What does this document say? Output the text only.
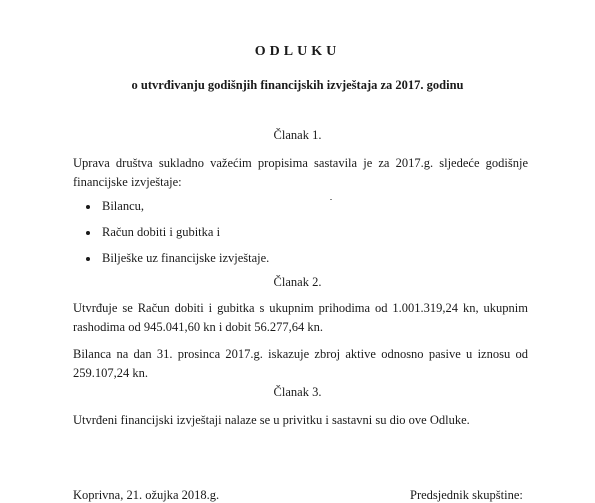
ODLUKU
o utvrđivanju godišnjih financijskih izvještaja za 2017. godinu
Članak 1.
Uprava društva sukladno važećim propisima sastavila je za 2017.g. sljedeće godišnje financijske izvještaje:
Bilancu,
Račun dobiti i gubitka i
Bilješke uz financijske izvještaje.
Članak 2.
Utvrđuje se Račun dobiti i gubitka s ukupnim prihodima od 1.001.319,24 kn, ukupnim rashodima od 945.041,60 kn i dobit 56.277,64 kn.
Bilanca na dan 31. prosinca 2017.g. iskazuje zbroj aktive odnosno pasive u iznosu od 259.107,24 kn.
Članak 3.
Utvrđeni financijski izvještaji nalaze se u privitku i sastavni su dio ove Odluke.
Koprivna, 21. ožujka 2018.g.	Predsjednik skupštine:
